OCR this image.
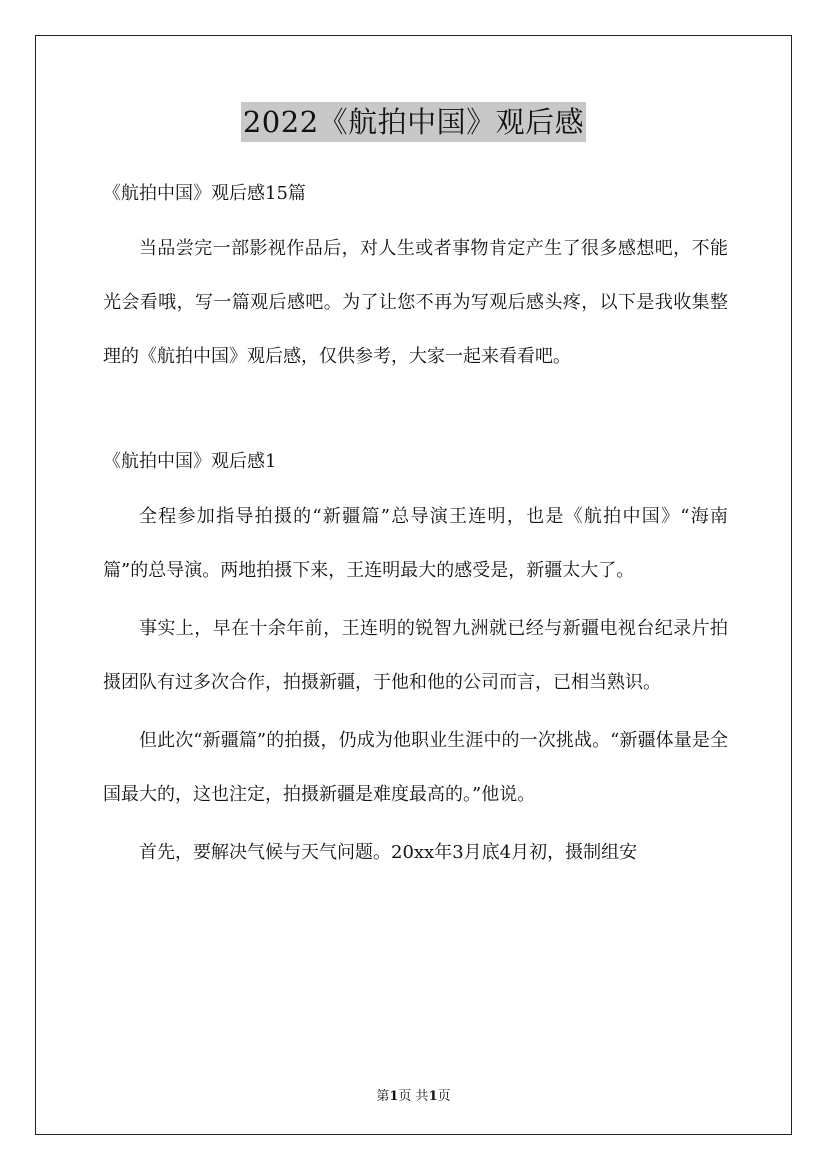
2022《航拍中国》观后感

《航拍中国》观后感15篇

当品尝完一部影视作品后，对人生或者事物肯定产生了很多感想吧，不能光会看哦，写一篇观后感吧。为了让您不再为写观后感头疼，以下是我收集整理的《航拍中国》观后感，仅供参考，大家一起来看看吧。

《航拍中国》观后感1

全程参加指导拍摄的“新疆篇”总导演王连明，也是《航拍中国》“海南篇”的总导演。两地拍摄下来，王连明最大的感受是，新疆太大了。

事实上，早在十余年前，王连明的锐智九洲就已经与新疆电视台纪录片拍摄团队有过多次合作，拍摄新疆，于他和他的公司而言，已相当熟识。

但此次“新疆篇”的拍摄，仍成为他职业生涯中的一次挑战。“新疆体量是全国最大的，这也注定，拍摄新疆是难度最高的。”他说。

首先，要解决气候与天气问题。20xx年3月底4月初，摄制组安

第1页 共1页
